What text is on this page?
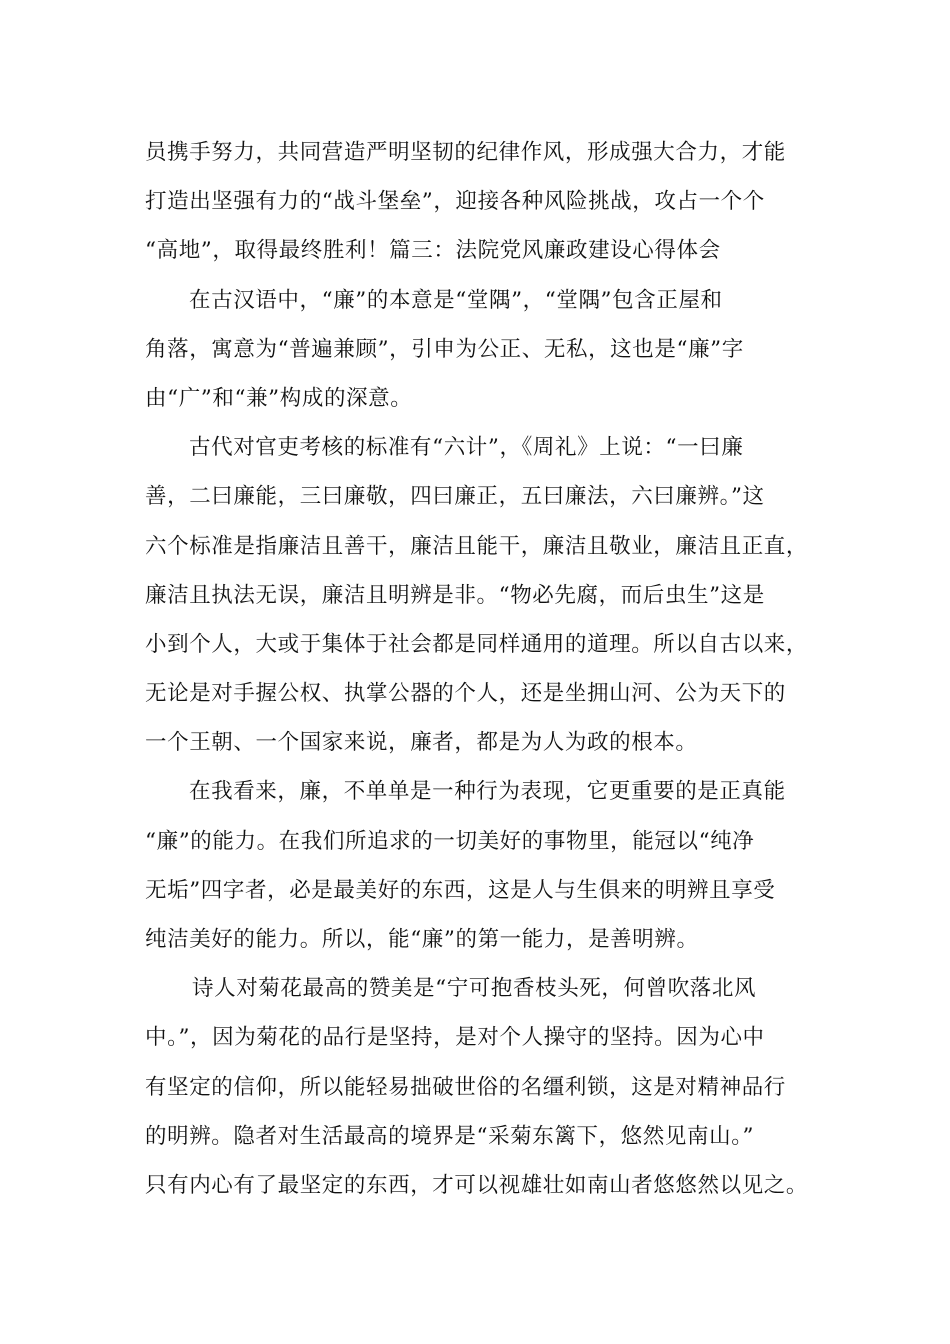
员携手努力，共同营造严明坚韧的纪律作风，形成强大合力，才能
打造出坚强有力的“战斗堡垒”，迎接各种风险挑战，攻占一个个
“高地”，取得最终胜利！篇三：法院党风廉政建设心得体会
在古汉语中，“廉”的本意是“堂隅”，“堂隅”包含正屋和
角落，寓意为“普遍兼顾”，引申为公正、无私，这也是“廉”字
由“广”和“兼”构成的深意。
古代对官吏考核的标准有“六计”，《周礼》上说：“一曰廉
善，二曰廉能，三曰廉敬，四曰廉正，五曰廉法，六曰廉辨。”这
六个标准是指廉洁且善干，廉洁且能干，廉洁且敬业，廉洁且正直，
廉洁且执法无误，廉洁且明辨是非。“物必先腐，而后虫生”这是
小到个人，大或于集体于社会都是同样通用的道理。所以自古以来，
无论是对手握公权、执掌公器的个人，还是坐拥山河、公为天下的
一个王朝、一个国家来说，廉者，都是为人为政的根本。
在我看来，廉，不单单是一种行为表现，它更重要的是正真能
“廉”的能力。在我们所追求的一切美好的事物里，能冠以“纯净
无垢”四字者，必是最美好的东西，这是人与生俱来的明辨且享受
纯洁美好的能力。所以，能“廉”的第一能力，是善明辨。
诗人对菊花最高的赞美是“宁可抱香枝头死，何曾吹落北风
中。”，因为菊花的品行是坚持，是对个人操守的坚持。因为心中
有坚定的信仰，所以能轻易拙破世俗的名缰利锁，这是对精神品行
的明辨。隐者对生活最高的境界是“采菊东篱下，悠然见南山。”
只有内心有了最坚定的东西，才可以视雄壮如南山者悠悠然以见之。
